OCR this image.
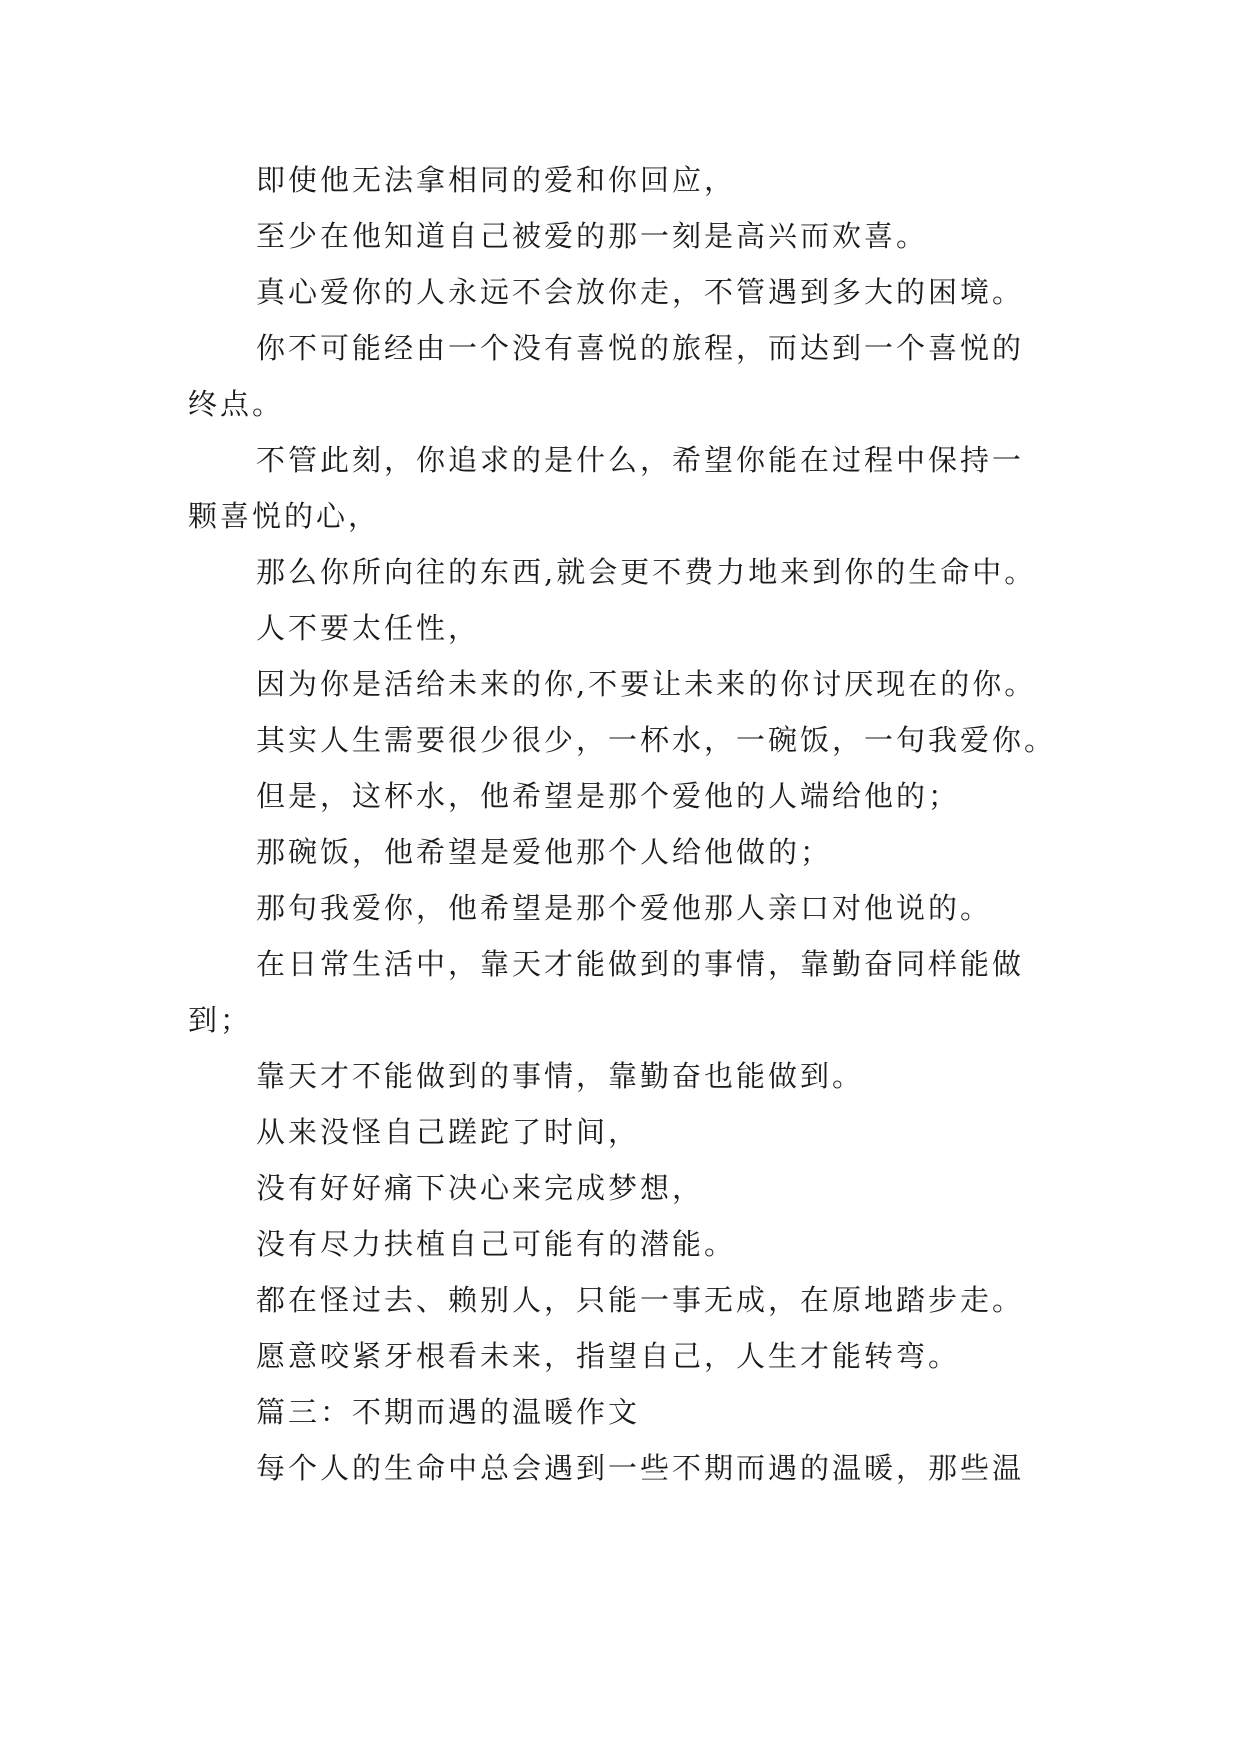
即使他无法拿相同的爱和你回应，
至少在他知道自己被爱的那一刻是高兴而欢喜。
真心爱你的人永远不会放你走，不管遇到多大的困境。
你不可能经由一个没有喜悦的旅程，而达到一个喜悦的
终点。
不管此刻，你追求的是什么，希望你能在过程中保持一
颗喜悦的心，
那么你所向往的东西,就会更不费力地来到你的生命中。
人不要太任性，
因为你是活给未来的你,不要让未来的你讨厌现在的你。
其实人生需要很少很少，一杯水，一碗饭，一句我爱你。
但是，这杯水，他希望是那个爱他的人端给他的；
那碗饭，他希望是爱他那个人给他做的；
那句我爱你，他希望是那个爱他那人亲口对他说的。
在日常生活中，靠天才能做到的事情，靠勤奋同样能做
到；
靠天才不能做到的事情，靠勤奋也能做到。
从来没怪自己蹉跎了时间，
没有好好痛下决心来完成梦想，
没有尽力扶植自己可能有的潜能。
都在怪过去、赖别人，只能一事无成，在原地踏步走。
愿意咬紧牙根看未来，指望自己，人生才能转弯。
篇三：不期而遇的温暖作文
每个人的生命中总会遇到一些不期而遇的温暖，那些温
